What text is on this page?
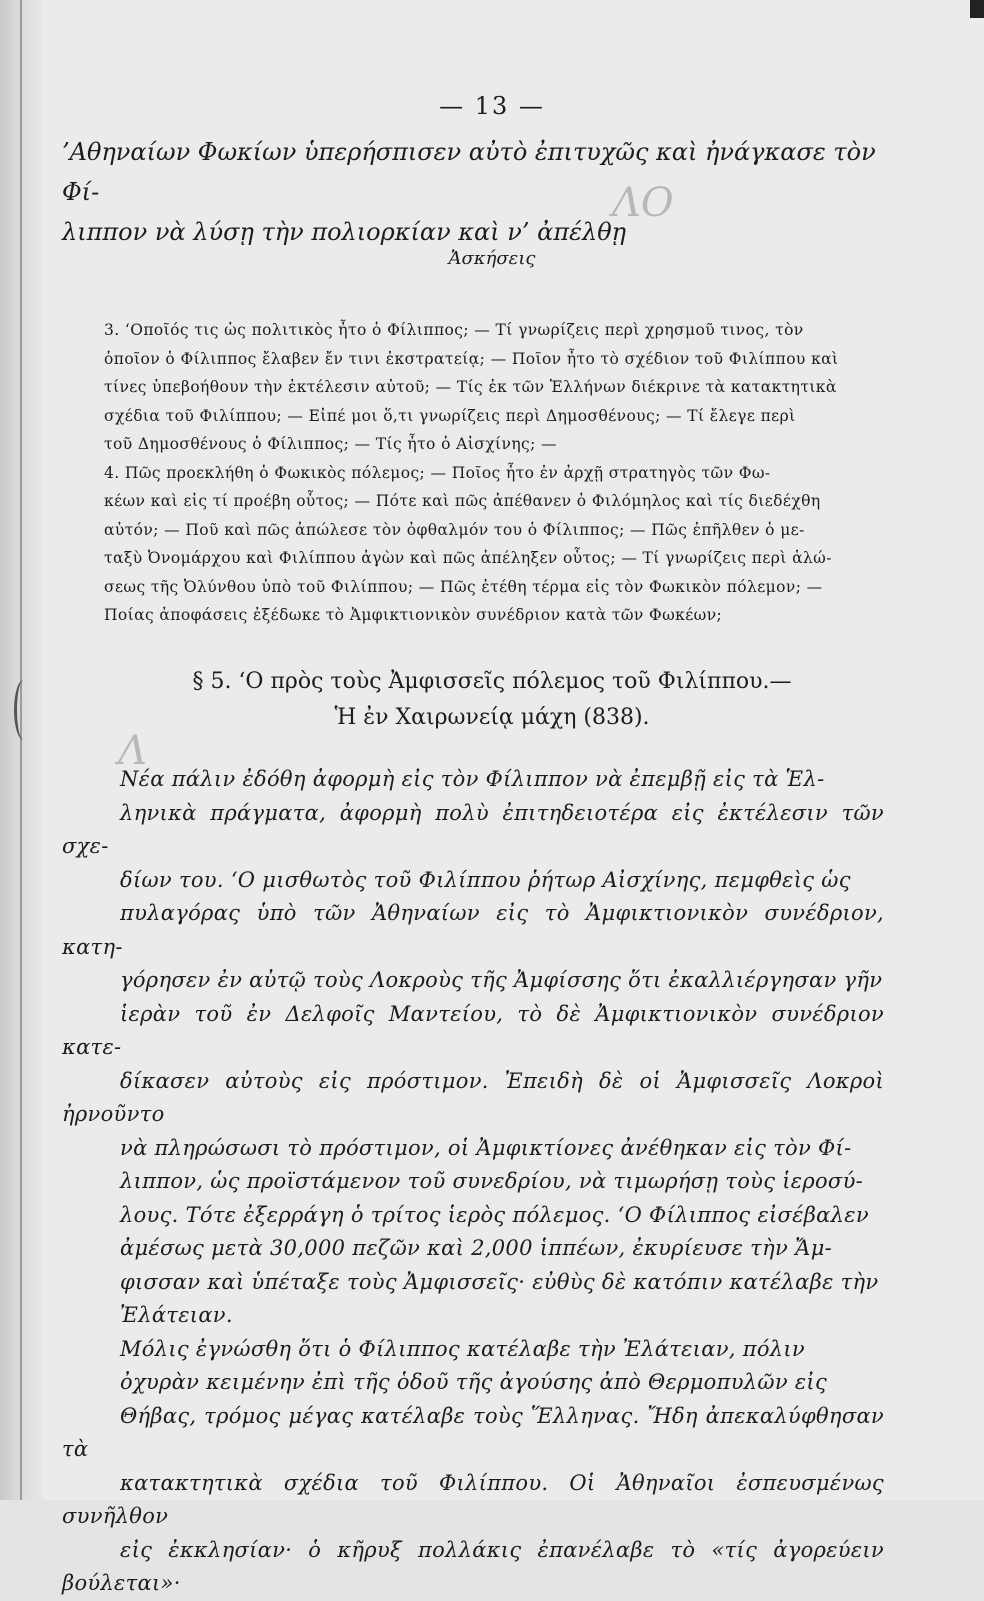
— 13 —
’Αθηναίων Φωκίων ὑπερήσπισεν αὐτὸ ἐπιτυχῶς καὶ ἠνάγκασε τὸν Φί-
λιππον νὰ λύσῃ τὴν πολιορκίαν καὶ ν’ ἀπέλθῃ
ΛΟ
Ἀσκήσεις

3. ‘Οποῖός τις ὡς πολιτικὸς ἦτο ὁ Φίλιππος; — Τί γνωρίζεις περὶ χρησμοῦ τινος, τὸν
ὁποῖον ὁ Φίλιππος ἔλαβεν ἔν τινι ἐκστρατείᾳ; — Ποῖον ἦτο τὸ σχέδιον τοῦ Φιλίππου καὶ
τίνες ὑπεβοήθουν τὴν ἐκτέλεσιν αὐτοῦ; — Τίς ἐκ τῶν Ἑλλήνων διέκρινε τὰ κατακτητικὰ
σχέδια τοῦ Φιλίππου; — Εἰπέ μοι ὅ,τι γνωρίζεις περὶ Δημοσθένους; — Τί ἔλεγε περὶ
τοῦ Δημοσθένους ὁ Φίλιππος; — Τίς ἦτο ὁ Αἰσχίνης; —

4. Πῶς προεκλήθη ὁ Φωκικὸς πόλεμος; — Ποῖος ἦτο ἐν ἀρχῇ στρατηγὸς τῶν Φω-
κέων καὶ εἰς τί προέβη οὗτος; — Πότε καὶ πῶς ἀπέθανεν ὁ Φιλόμηλος καὶ τίς διεδέχθη
αὐτόν; — Ποῦ καὶ πῶς ἀπώλεσε τὸν ὀφθαλμόν του ὁ Φίλιππος; — Πῶς ἐπῆλθεν ὁ με-
ταξὺ Ὀνομάρχου καὶ Φιλίππου ἀγὼν καὶ πῶς ἀπέληξεν οὗτος; — Τί γνωρίζεις περὶ ἁλώ-
σεως τῆς Ὀλύνθου ὑπὸ τοῦ Φιλίππου; — Πῶς ἐτέθη τέρμα εἰς τὸν Φωκικὸν πόλεμον; —
Ποίας ἀποφάσεις ἐξέδωκε τὸ Ἀμφικτιονικὸν συνέδριον κατὰ τῶν Φωκέων;

§ 5. ‘Ο πρὸς τοὺς Ἀμφισσεῖς πόλεμος τοῦ Φιλίππου.—
Ἡ ἐν Χαιρωνείᾳ μάχη (838).
Λ

Νέα πάλιν ἐδόθη ἀφορμὴ εἰς τὸν Φίλιππον νὰ ἐπεμβῇ εἰς τὰ Ἑλ-
ληνικὰ πράγματα, ἀφορμὴ πολὺ ἐπιτηδειοτέρα εἰς ἐκτέλεσιν τῶν σχε-
δίων του. ‘Ο μισθωτὸς τοῦ Φιλίππου ῥήτωρ Αἰσχίνης, πεμφθεὶς ὡς
πυλαγόρας ὑπὸ τῶν Ἀθηναίων εἰς τὸ Ἀμφικτιονικὸν συνέδριον, κατη-
γόρησεν ἐν αὐτῷ τοὺς Λοκροὺς τῆς Ἀμφίσσης ὅτι ἐκαλλιέργησαν γῆν
ἱερὰν τοῦ ἐν Δελφοῖς Μαντείου, τὸ δὲ Ἀμφικτιονικὸν συνέδριον κατε-
δίκασεν αὐτοὺς εἰς πρόστιμον. Ἐπειδὴ δὲ οἱ Ἀμφισσεῖς Λοκροὶ ἠρνοῦντο
νὰ πληρώσωσι τὸ πρόστιμον, οἱ Ἀμφικτίονες ἀνέθηκαν εἰς τὸν Φί-
λιππον, ὡς προϊστάμενον τοῦ συνεδρίου, νὰ τιμωρήσῃ τοὺς ἱεροσύ-
λους. Τότε ἐξερράγη ὁ τρίτος ἱερὸς πόλεμος. ‘Ο Φίλιππος εἰσέβαλεν
ἀμέσως μετὰ 30,000 πεζῶν καὶ 2,000 ἱππέων, ἐκυρίευσε τὴν Ἄμ-
φισσαν καὶ ὑπέταξε τοὺς Ἀμφισσεῖς· εὐθὺς δὲ κατόπιν κατέλαβε τὴν
Ἐλάτειαν.

Μόλις ἐγνώσθη ὅτι ὁ Φίλιππος κατέλαβε τὴν Ἐλάτειαν, πόλιν
ὀχυρὰν κειμένην ἐπὶ τῆς ὁδοῦ τῆς ἀγούσης ἀπὸ Θερμοπυλῶν εἰς
Θήβας, τρόμος μέγας κατέλαβε τοὺς Ἕλληνας. Ἤδη ἀπεκαλύφθησαν τὰ
κατακτητικὰ σχέδια τοῦ Φιλίππου. Οἱ Ἀθηναῖοι ἐσπευσμένως συνῆλθον
εἰς ἐκκλησίαν· ὁ κῆρυξ πολλάκις ἐπανέλαβε τὸ «τίς ἀγορεύειν βούλεται»·
